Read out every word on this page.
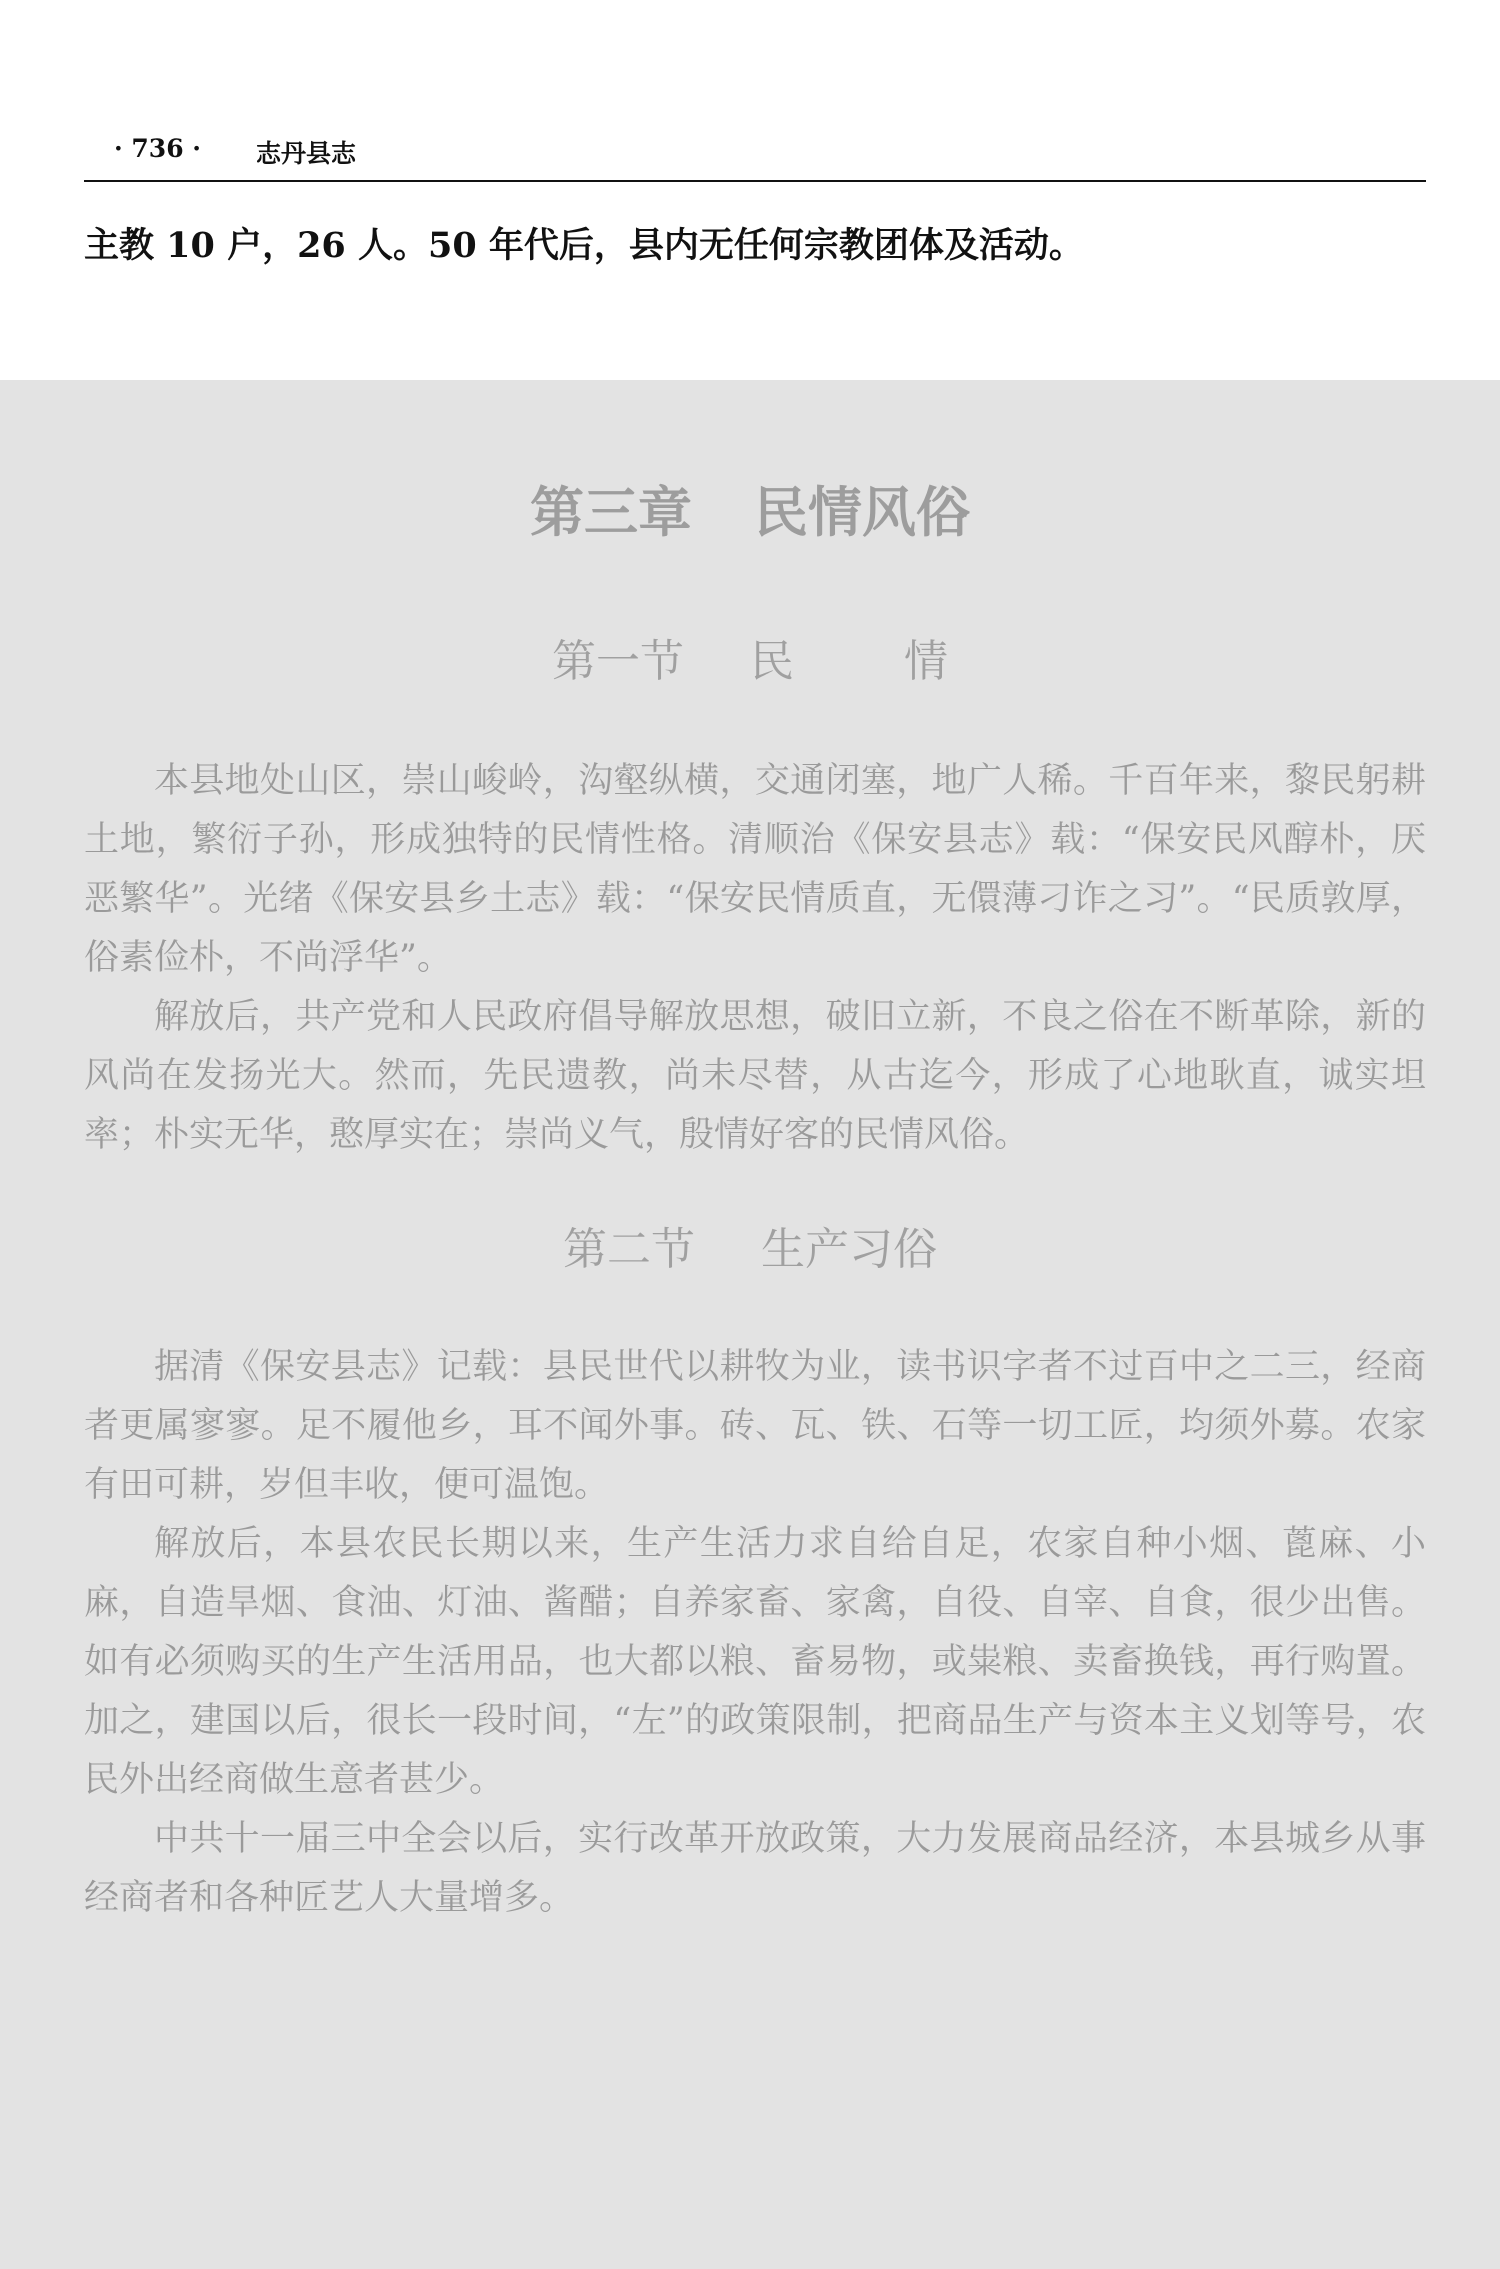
· 736 · 志丹县志
主教 10 户，26 人。50 年代后，县内无任何宗教团体及活动。
第三章 民情风俗
第一节 民	情

本县地处山区，崇山峻岭，沟壑纵横，交通闭塞，地广人稀。千百年来，黎民躬耕土地，繁衍子孙，形成独特的民情性格。清顺治《保安县志》载：“保安民风醇朴，厌恶繁华”。光绪《保安县乡土志》载：“保安民情质直，无儇薄刁诈之习”。“民质敦厚，俗素俭朴，不尚浮华”。

解放后，共产党和人民政府倡导解放思想，破旧立新，不良之俗在不断革除，新的风尚在发扬光大。然而，先民遗教，尚未尽替，从古迄今，形成了心地耿直，诚实坦率；朴实无华，憨厚实在；崇尚义气，殷情好客的民情风俗。

第二节 生产习俗

据清《保安县志》记载：县民世代以耕牧为业，读书识字者不过百中之二三，经商者更属寥寥。足不履他乡，耳不闻外事。砖、瓦、铁、石等一切工匠，均须外募。农家有田可耕，岁但丰收，便可温饱。

解放后，本县农民长期以来，生产生活力求自给自足，农家自种小烟、蓖麻、小麻，自造旱烟、食油、灯油、酱醋；自养家畜、家禽，自役、自宰、自食，很少出售。如有必须购买的生产生活用品，也大都以粮、畜易物，或粜粮、卖畜换钱，再行购置。加之，建国以后，很长一段时间，“左”的政策限制，把商品生产与资本主义划等号，农民外出经商做生意者甚少。

中共十一届三中全会以后，实行改革开放政策，大力发展商品经济，本县城乡从事经商者和各种匠艺人大量增多。
